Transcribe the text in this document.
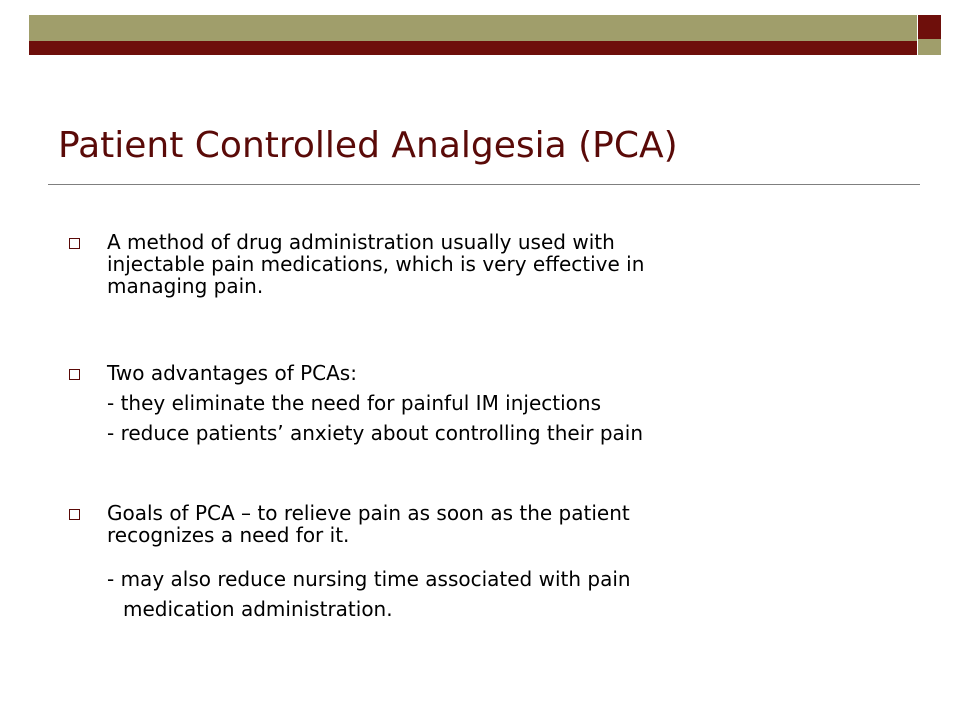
Patient Controlled Analgesia (PCA)
A method of drug administration usually used with
injectable pain medications, which is very effective in
managing pain.
Two advantages of PCAs:
- they eliminate the need for painful IM injections
- reduce patients’ anxiety about controlling their pain
Goals of PCA – to relieve pain as soon as the patient
recognizes a need for it.
- may also reduce nursing time associated with pain
medication administration.
